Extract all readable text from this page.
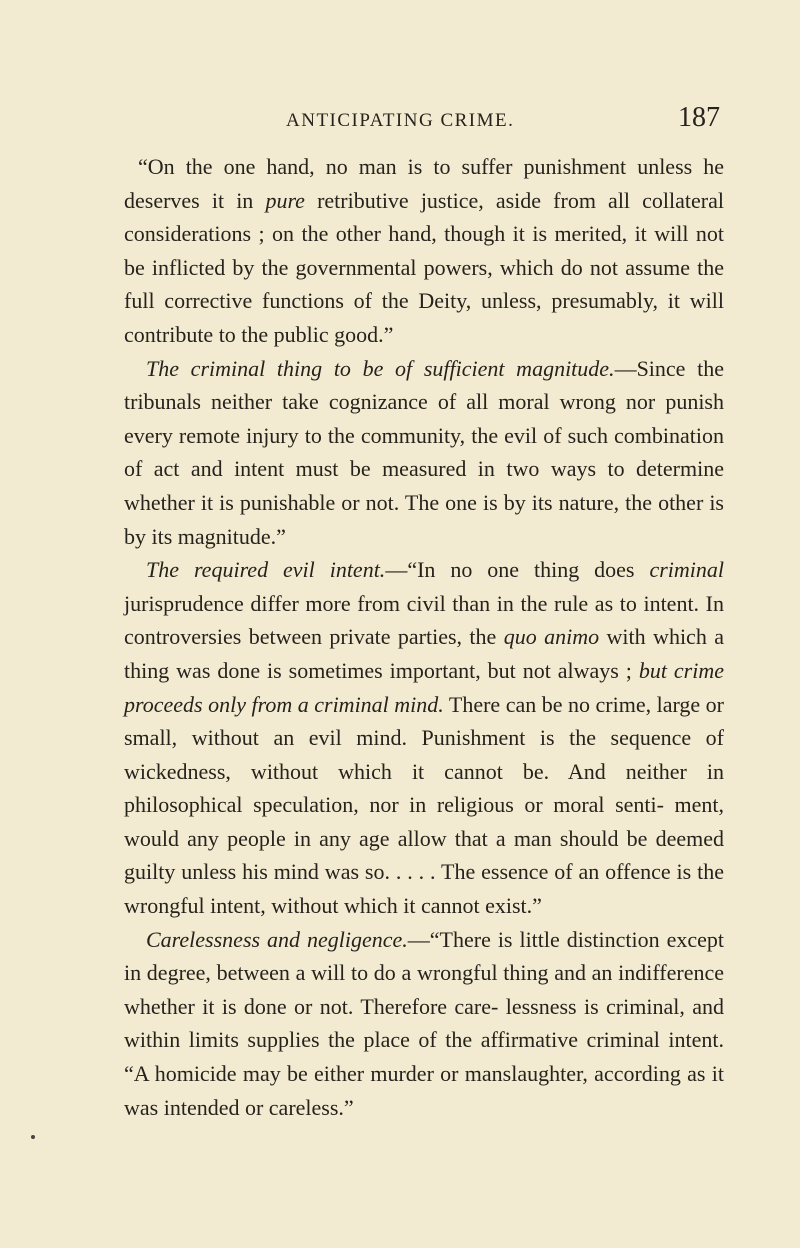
ANTICIPATING CRIME.	187

“On the one hand, no man is to suffer punishment unless he deserves it in pure retributive justice, aside from all collateral considerations ; on the other hand, though it is merited, it will not be inflicted by the governmental powers, which do not assume the full corrective functions of the Deity, unless, presumably, it will contribute to the public good.”

The criminal thing to be of sufficient magnitude.—Since the tribunals neither take cognizance of all moral wrong nor punish every remote injury to the community, the evil of such combination of act and intent must be measured in two ways to determine whether it is punishable or not. The one is by its nature, the other is by its magnitude.”

The required evil intent.—“In no one thing does criminal jurisprudence differ more from civil than in the rule as to intent. In controversies between private parties, the quo animo with which a thing was done is sometimes important, but not always ; but crime proceeds only from a criminal mind. There can be no crime, large or small, without an evil mind. Punishment is the sequence of wickedness, without which it cannot be. And neither in philosophical speculation, nor in religious or moral senti- ment, would any people in any age allow that a man should be deemed guilty unless his mind was so. . . . . The essence of an offence is the wrongful intent, without which it cannot exist.”

Carelessness and negligence.—“There is little distinction except in degree, between a will to do a wrongful thing and an indifference whether it is done or not. Therefore care- lessness is criminal, and within limits supplies the place of the affirmative criminal intent. “A homicide may be either murder or manslaughter, according as it was intended or careless.”
